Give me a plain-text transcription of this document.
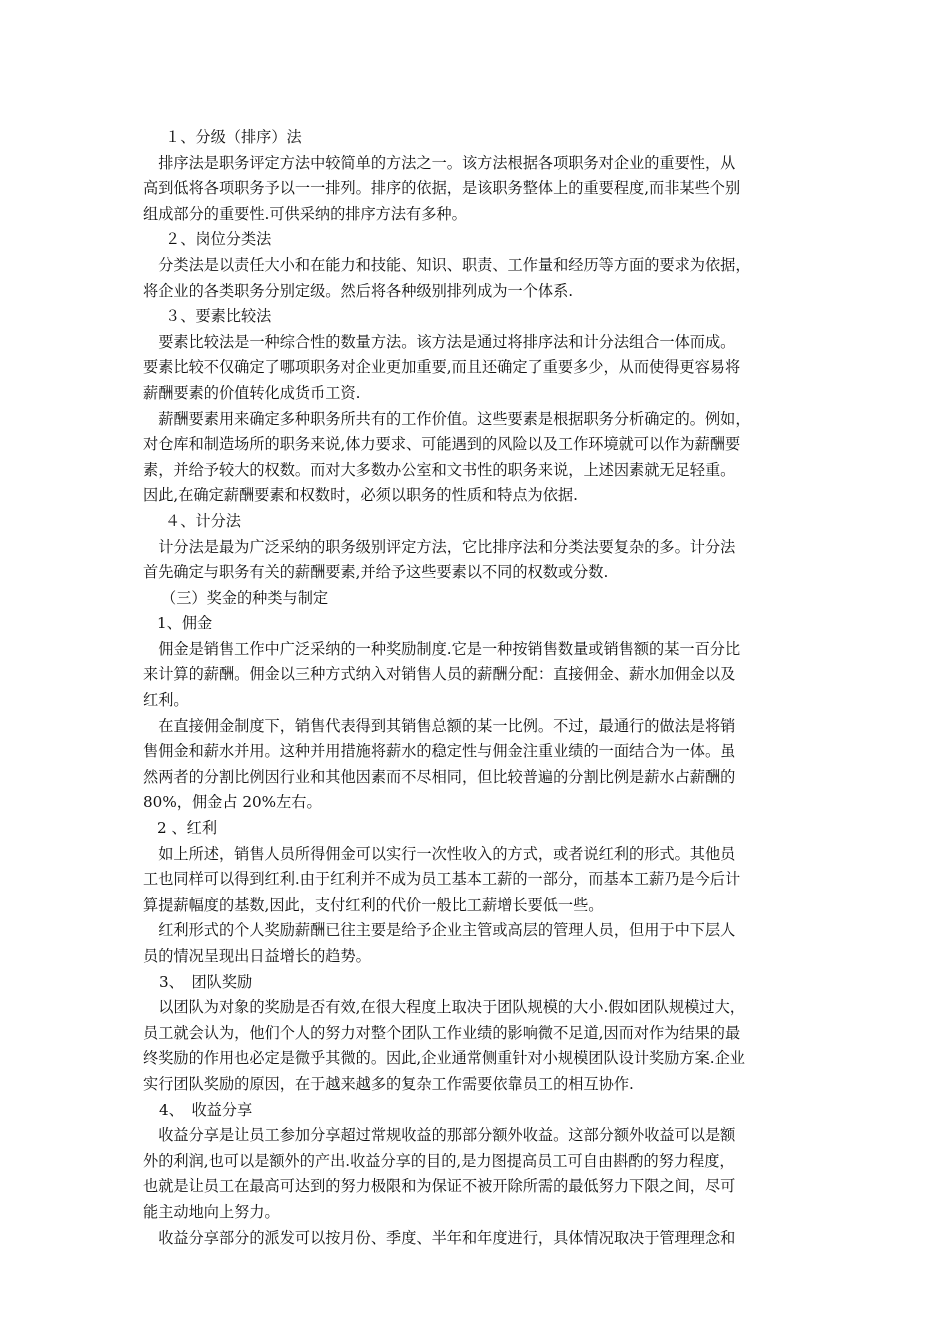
１、分级（排序）法
　排序法是职务评定方法中较简单的方法之一。该方法根据各项职务对企业的重要性，从
高到低将各项职务予以一一排列。排序的依据，是该职务整体上的重要程度,而非某些个别
组成部分的重要性.可供采纳的排序方法有多种。
２、岗位分类法
　分类法是以责任大小和在能力和技能、知识、职责、工作量和经历等方面的要求为依据，
将企业的各类职务分别定级。然后将各种级别排列成为一个体系.
３、要素比较法
　要素比较法是一种综合性的数量方法。该方法是通过将排序法和计分法组合一体而成。
要素比较不仅确定了哪项职务对企业更加重要,而且还确定了重要多少，从而使得更容易将
薪酬要素的价值转化成货币工资.
　薪酬要素用来确定多种职务所共有的工作价值。这些要素是根据职务分析确定的。例如，
对仓库和制造场所的职务来说,体力要求、可能遇到的风险以及工作环境就可以作为薪酬要
素，并给予较大的权数。而对大多数办公室和文书性的职务来说，上述因素就无足轻重。
因此,在确定薪酬要素和权数时，必须以职务的性质和特点为依据.
４、计分法
　计分法是最为广泛采纳的职务级别评定方法，它比排序法和分类法要复杂的多。计分法
首先确定与职务有关的薪酬要素,并给予这些要素以不同的权数或分数.
（三）奖金的种类与制定
1、佣金
　佣金是销售工作中广泛采纳的一种奖励制度.它是一种按销售数量或销售额的某一百分比
来计算的薪酬。佣金以三种方式纳入对销售人员的薪酬分配：直接佣金、薪水加佣金以及
红利。
　在直接佣金制度下，销售代表得到其销售总额的某一比例。不过，最通行的做法是将销
售佣金和薪水并用。这种并用措施将薪水的稳定性与佣金注重业绩的一面结合为一体。虽
然两者的分割比例因行业和其他因素而不尽相同，但比较普遍的分割比例是薪水占薪酬的
80%，佣金占 20%左右。
2 、红利
　如上所述，销售人员所得佣金可以实行一次性收入的方式，或者说红利的形式。其他员
工也同样可以得到红利.由于红利并不成为员工基本工薪的一部分，而基本工薪乃是今后计
算提薪幅度的基数,因此，支付红利的代价一般比工薪增长要低一些。
　红利形式的个人奖励薪酬已往主要是给予企业主管或高层的管理人员，但用于中下层人
员的情况呈现出日益增长的趋势。
3、　团队奖励
　以团队为对象的奖励是否有效,在很大程度上取决于团队规模的大小.假如团队规模过大，
员工就会认为，他们个人的努力对整个团队工作业绩的影响微不足道,因而对作为结果的最
终奖励的作用也必定是微乎其微的。因此,企业通常侧重针对小规模团队设计奖励方案.企业
实行团队奖励的原因，在于越来越多的复杂工作需要依靠员工的相互协作.
4、　收益分享
　收益分享是让员工参加分享超过常规收益的那部分额外收益。这部分额外收益可以是额
外的利润,也可以是额外的产出.收益分享的目的,是力图提高员工可自由斟酌的努力程度，
也就是让员工在最高可达到的努力极限和为保证不被开除所需的最低努力下限之间，尽可
能主动地向上努力。
　收益分享部分的派发可以按月份、季度、半年和年度进行，具体情况取决于管理理念和
